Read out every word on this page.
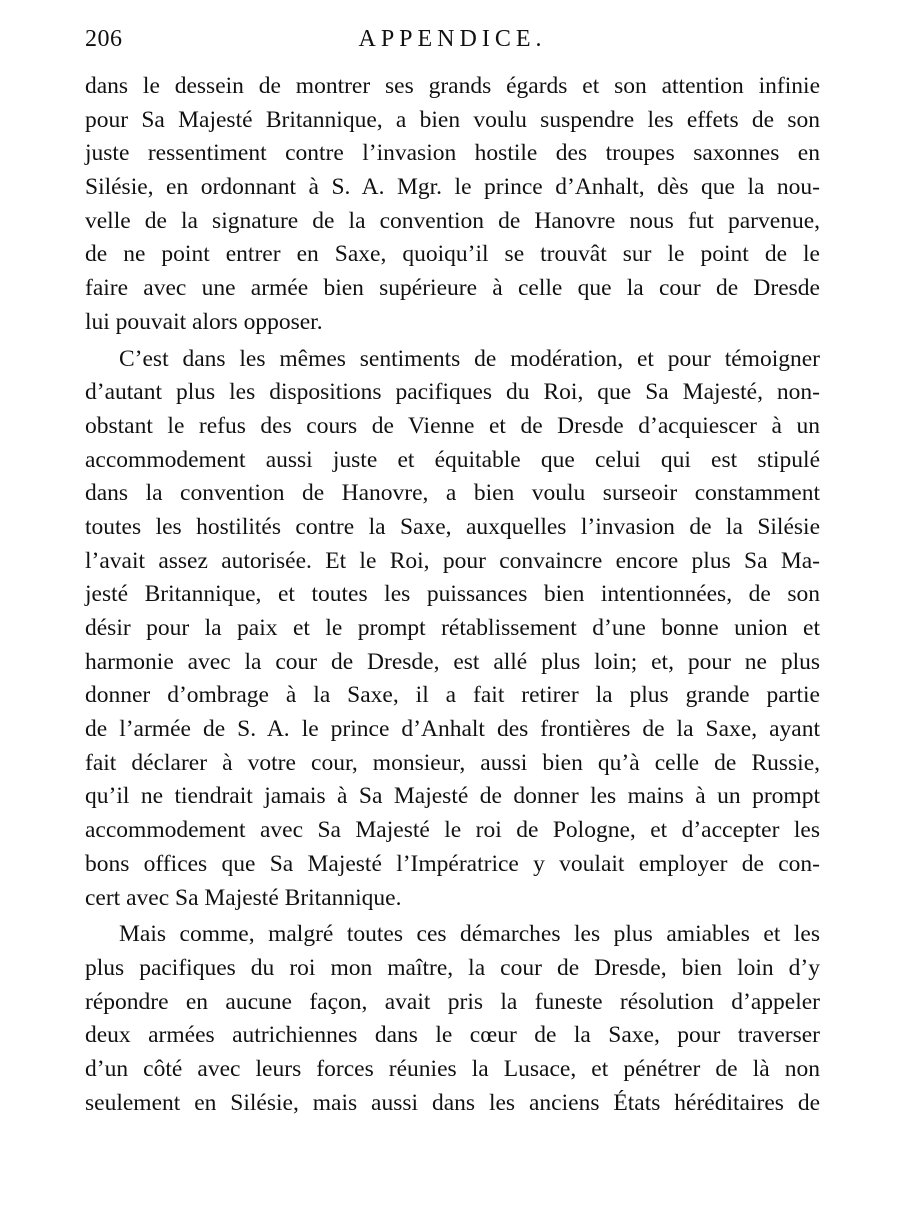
206	APPENDICE.
dans le dessein de montrer ses grands égards et son attention infinie
pour Sa Majesté Britannique, a bien voulu suspendre les effets de son
juste ressentiment contre l’invasion hostile des troupes saxonnes en
Silésie, en ordonnant à S. A. Mgr. le prince d’Anhalt, dès que la nou-
velle de la signature de la convention de Hanovre nous fut parvenue,
de ne point entrer en Saxe, quoiqu’il se trouvât sur le point de le
faire avec une armée bien supérieure à celle que la cour de Dresde
lui pouvait alors opposer.
C’est dans les mêmes sentiments de modération, et pour témoigner
d’autant plus les dispositions pacifiques du Roi, que Sa Majesté, non-
obstant le refus des cours de Vienne et de Dresde d’acquiescer à un
accommodement aussi juste et équitable que celui qui est stipulé
dans la convention de Hanovre, a bien voulu surseoir constamment
toutes les hostilités contre la Saxe, auxquelles l’invasion de la Silésie
l’avait assez autorisée. Et le Roi, pour convaincre encore plus Sa Ma-
jesté Britannique, et toutes les puissances bien intentionnées, de son
désir pour la paix et le prompt rétablissement d’une bonne union et
harmonie avec la cour de Dresde, est allé plus loin; et, pour ne plus
donner d’ombrage à la Saxe, il a fait retirer la plus grande partie
de l’armée de S. A. le prince d’Anhalt des frontières de la Saxe, ayant
fait déclarer à votre cour, monsieur, aussi bien qu’à celle de Russie,
qu’il ne tiendrait jamais à Sa Majesté de donner les mains à un prompt
accommodement avec Sa Majesté le roi de Pologne, et d’accepter les
bons offices que Sa Majesté l’Impératrice y voulait employer de con-
cert avec Sa Majesté Britannique.
Mais comme, malgré toutes ces démarches les plus amiables et les
plus pacifiques du roi mon maître, la cour de Dresde, bien loin d’y
répondre en aucune façon, avait pris la funeste résolution d’appeler
deux armées autrichiennes dans le cœur de la Saxe, pour traverser
d’un côté avec leurs forces réunies la Lusace, et pénétrer de là non
seulement en Silésie, mais aussi dans les anciens États héréditaires de
